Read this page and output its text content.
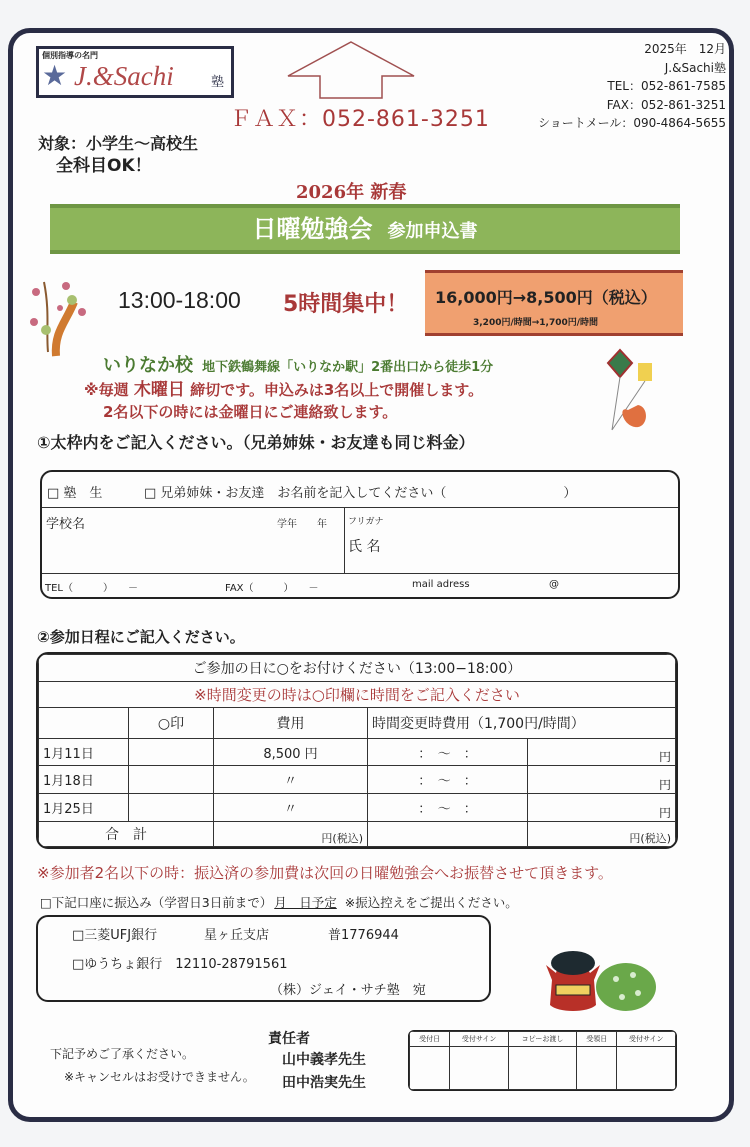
個別指導の名門
★ J.&Sachi	塾
ＦＡＸ：052-861-3251
2025年　12月
J.&Sachi塾
TEL：052-861-7585
FAX：052-861-3251
ショートメール：090-4864-5655
対象：小学生～高校生
全科目OK！
2026年 新春
日曜勉強会 参加申込書
13:00-18:00 5時間集中！ 16,000円→8,500円（税込）
3,200円/時間→1,700円/時間
いりなか校 地下鉄鶴舞線「いりなか駅」2番出口から徒歩1分
※毎週 木曜日 締切です。申込みは3名以上で開催します。
2名以下の時には金曜日にご連絡致します。
①太枠内をご記入ください。（兄弟姉妹・お友達も同じ料金）
□ 塾　生	□ 兄弟姉妹・お友達　お名前を記入してください（　　　　　　　　　）
学校名	学年　　年 フリガナ
氏 名
TEL（　　　）　　－	FAX（　　　）　　－	mail adress	@
②参加日程にご記入ください。
ご参加の日に○をお付けください（13:00−18:00）				
※時間変更の時は○印欄に時間をご記入ください				
	○印	費用	時間変更時費用（1,700円/時間）	
1月11日		8,500 円	：　～　：	円
1月18日		〃	：　～　：	円
1月25日		〃	：　～　：	円
合　計		円(税込)		円(税込)
※参加者2名以下の時：振込済の参加費は次回の日曜勉強会へお振替させて頂きます。
□下記口座に振込み（学習日3日前まで） 月　日予定 ※振込控えをご提出ください。
□三菱UFJ銀行	星ヶ丘支店	普1776944
□ゆうちょ銀行　12110-28791561
（株）ジェイ・サチ塾　宛
下記予めご了承ください。
※キャンセルはお受けできません。
責任者
山中義孝先生
田中浩実先生
受付日	受付サイン	コピーお渡し	受領日	受付サイン
